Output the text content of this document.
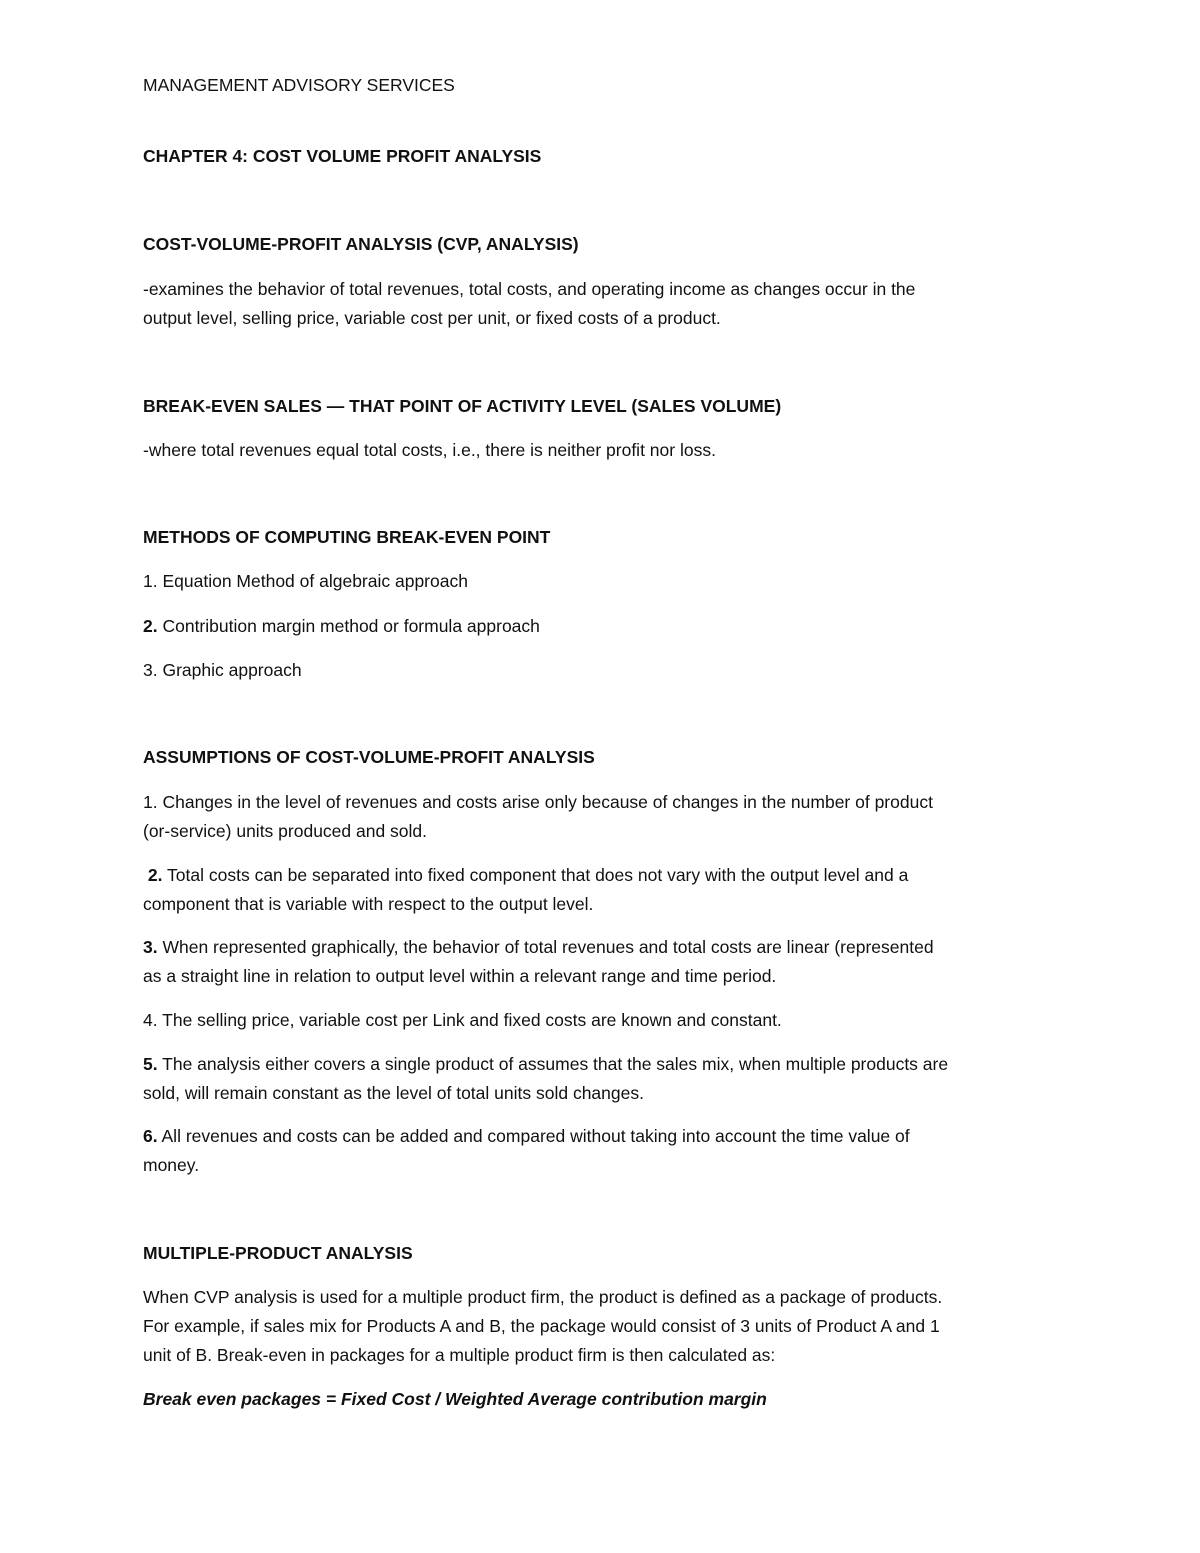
MANAGEMENT ADVISORY SERVICES
CHAPTER 4: COST VOLUME PROFIT ANALYSIS
COST-VOLUME-PROFIT ANALYSIS (CVP, ANALYSIS)
-examines the behavior of total revenues, total costs, and operating income as changes occur in the
output level, selling price, variable cost per unit, or fixed costs of a product.
BREAK-EVEN SALES — THAT POINT OF ACTIVITY LEVEL (SALES VOLUME)
-where total revenues equal total costs, i.e., there is neither profit nor loss.
METHODS OF COMPUTING BREAK-EVEN POINT
1. Equation Method of algebraic approach
2. Contribution margin method or formula approach
3. Graphic approach
ASSUMPTIONS OF COST-VOLUME-PROFIT ANALYSIS
1. Changes in the level of revenues and costs arise only because of changes in the number of product
(or-service) units produced and sold.
2. Total costs can be separated into fixed component that does not vary with the output level and a
component that is variable with respect to the output level.
3. When represented graphically, the behavior of total revenues and total costs are linear (represented
as a straight line in relation to output level within a relevant range and time period.
4. The selling price, variable cost per Link and fixed costs are known and constant.
5. The analysis either covers a single product of assumes that the sales mix, when multiple products are
sold, will remain constant as the level of total units sold changes.
6. All revenues and costs can be added and compared without taking into account the time value of
money.
MULTIPLE-PRODUCT ANALYSIS
When CVP analysis is used for a multiple product firm, the product is defined as a package of products.
For example, if sales mix for Products A and B, the package would consist of 3 units of Product A and 1
unit of B. Break-even in packages for a multiple product firm is then calculated as:
Break even packages = Fixed Cost / Weighted Average contribution margin
